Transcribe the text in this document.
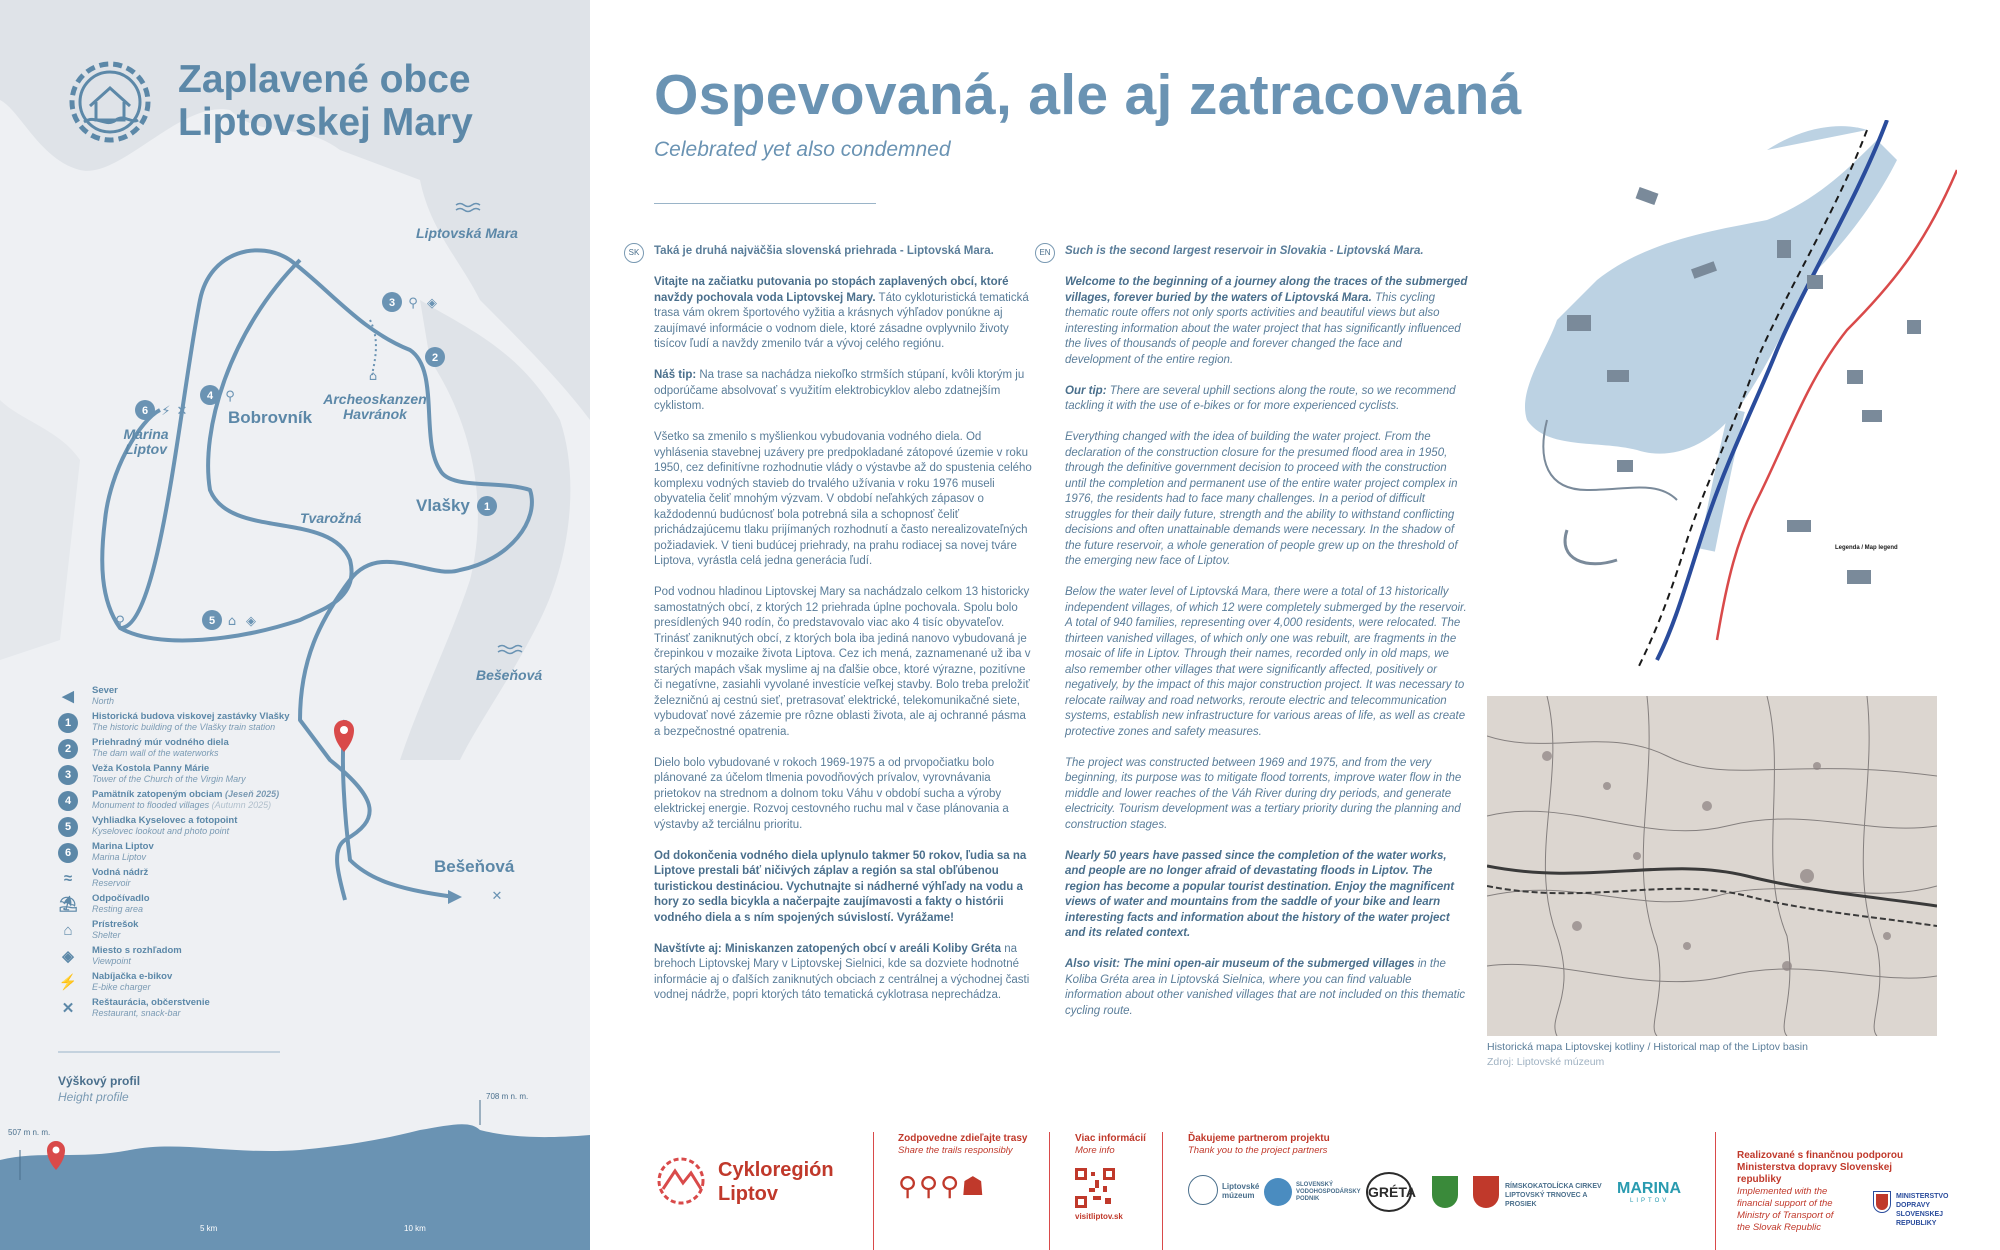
1
2
3
4
5
6
⚲ ◈
⚲
⌂ ◈
⚲
⚡ ✕
⌂
✕
Zaplavené obce
Liptovskej Mary
Liptovská Mara
Bobrovník
Marina Liptov
Archeoskanzen Havránok
Tvarožná
Vlašky
Bešeňová
Bešeňová
◀	Sever
North
1
Historická budova viskovej zastávky Vlašky
The historic building of the Vlašky train station
2
Priehradný múr vodného diela
The dam wall of the waterworks
3
Veža Kostola Panny Márie
Tower of the Church of the Virgin Mary
4
Pamätník zatopeným obciam (Jeseň 2025)
Monument to flooded villages (Autumn 2025)
5
Vyhliadka Kyselovec a fotopoint
Kyselovec lookout and photo point
6
Marina Liptov
Marina Liptov
≈	Vodná nádrž
Reservoir
⛱ Odpočívadlo
Resting area
⌂	Prístrešok
Shelter
◈	Miesto s rozhľadom
Viewpoint
⚡ Nabíjačka e-bikov
E-bike charger
✕	Reštaurácia, občerstvenie
Restaurant, snack-bar
Výškový profil
Height profile
507 m n. m.
708 m n. m.
5 km	10 km
Ospevovaná, ale aj zatracovaná
Celebrated yet also condemned
SK	EN

Taká je druhá najväčšia slovenská priehrada - Liptovská Mara.

Vitajte na začiatku putovania po stopách zaplavených obcí, ktoré navždy pochovala voda Liptovskej Mary. Táto cykloturistická tematická trasa vám okrem športového vyžitia a krásnych výhľadov ponúkne aj zaujímavé informácie o vodnom diele, ktoré zásadne ovplyvnilo životy tisícov ľudí a navždy zmenilo tvár a vývoj celého regiónu.

Náš tip: Na trase sa nachádza niekoľko strmších stúpaní, kvôli ktorým ju odporúčame absolvovať s využitím elektrobicyklov alebo zdatnejším cyklistom.

Všetko sa zmenilo s myšlienkou vybudovania vodného diela. Od vyhlásenia stavebnej uzávery pre predpokladané zátopové územie v roku 1950, cez definitívne rozhodnutie vlády o výstavbe až do spustenia celého komplexu vodných stavieb do trvalého užívania v roku 1976 museli obyvatelia čeliť mnohým výzvam. V období neľahkých zápasov o každodennú budúcnosť bola potrebná sila a schopnosť čeliť prichádzajúcemu tlaku prijímaných rozhodnutí a často nerealizovateľných požiadaviek. V tieni budúcej priehrady, na prahu rodiacej sa novej tváre Liptova, vyrástla celá jedna generácia ľudí.

Pod vodnou hladinou Liptovskej Mary sa nachádzalo celkom 13 historicky samostatných obcí, z ktorých 12 priehrada úplne pochovala. Spolu bolo presídlených 940 rodín, čo predstavovalo viac ako 4 tisíc obyvateľov. Trinásť zaniknutých obcí, z ktorých bola iba jediná nanovo vybudovaná je črepinkou v mozaike života Liptova. Cez ich mená, zaznamenané už iba v starých mapách však myslime aj na ďalšie obce, ktoré výrazne, pozitívne či negatívne, zasiahli vyvolané investície veľkej stavby. Bolo treba preložiť železničnú aj cestnú sieť, pretrasovať elektrické, telekomunikačné siete, vybudovať nové zázemie pre rôzne oblasti života, ale aj ochranné pásma a bezpečnostné opatrenia.

Dielo bolo vybudované v rokoch 1969-1975 a od prvopočiatku bolo plánované za účelom tlmenia povodňových prívalov, vyrovnávania prietokov na strednom a dolnom toku Váhu v období sucha a výroby elektrickej energie. Rozvoj cestovného ruchu mal v čase plánovania a výstavby až terciálnu prioritu.

Od dokončenia vodného diela uplynulo takmer 50 rokov, ľudia sa na Liptove prestali báť ničivých záplav a región sa stal obľúbenou turistickou destináciou. Vychutnajte si nádherné výhľady na vodu a hory zo sedla bicykla a načerpajte zaujímavosti a fakty o histórii vodného diela a s ním spojených súvislostí. Vyrážame!

Navštívte aj: Miniskanzen zatopených obcí v areáli Koliby Grétа na brehoch Liptovskej Mary v Liptovskej Sielnici, kde sa dozviete hodnotné informácie aj o ďalších zaniknutých obciach z centrálnej a východnej časti vodnej nádrže, popri ktorých táto tematická cyklotrasa neprechádza.

Such is the second largest reservoir in Slovakia - Liptovská Mara.

Welcome to the beginning of a journey along the traces of the submerged villages, forever buried by the waters of Liptovská Mara. This cycling thematic route offers not only sports activities and beautiful views but also interesting information about the water project that has significantly influenced the lives of thousands of people and forever changed the face and development of the entire region.

Our tip: There are several uphill sections along the route, so we recommend tackling it with the use of e-bikes or for more experienced cyclists.

Everything changed with the idea of building the water project. From the declaration of the construction closure for the presumed flood area in 1950, through the definitive government decision to proceed with the construction until the completion and permanent use of the entire water project complex in 1976, the residents had to face many challenges. In a period of difficult struggles for their daily future, strength and the ability to withstand conflicting decisions and often unattainable demands were necessary. In the shadow of the future reservoir, a whole generation of people grew up on the threshold of the emerging new face of Liptov.

Below the water level of Liptovská Mara, there were a total of 13 historically independent villages, of which 12 were completely submerged by the reservoir. A total of 940 families, representing over 4,000 residents, were relocated. The thirteen vanished villages, of which only one was rebuilt, are fragments in the mosaic of life in Liptov. Through their names, recorded only in old maps, we also remember other villages that were significantly affected, positively or negatively, by the impact of this major construction project. It was necessary to relocate railway and road networks, reroute electric and telecommunication systems, establish new infrastructure for various areas of life, as well as create protective zones and safety measures.

The project was constructed between 1969 and 1975, and from the very beginning, its purpose was to mitigate flood torrents, improve water flow in the middle and lower reaches of the Váh River during dry periods, and generate electricity. Tourism development was a tertiary priority during the planning and construction stages.

Nearly 50 years have passed since the completion of the water works, and people are no longer afraid of devastating floods in Liptov. The region has become a popular tourist destination. Enjoy the magnificent views of water and mountains from the saddle of your bike and learn interesting facts and information about the history of the water project and its related context.

Also visit: The mini open-air museum of the submerged villages in the Koliba Gréta area in Liptovská Sielnica, where you can find valuable information about other vanished villages that are not included on this thematic cycling route.

Legenda / Map legend
Historická mapa Liptovskej kotliny / Historical map of the Liptov basin
Zdroj: Liptovské múzeum
Cykloregión
Liptov
Zodpovedne zdieľajte trasy
Share the trails responsibly
⚲⚲⚲☗
Viac informácií
More info
visitliptov.sk
Ďakujeme partnerom projektu
Thank you to the project partners
Liptovské múzeum
SLOVENSKÝ VODOHOSPODÁRSKY PODNIK	GRÉTA	RÍMSKOKATOLÍCKA CIRKEV LIPTOVSKÝ TRNOVEC A PROSIEK
MARINA
LIPTOV
Realizované s finančnou podporou Ministerstva dopravy Slovenskej republiky
Implemented with the financial support of the Ministry of Transport of the Slovak Republic
MINISTERSTVO DOPRAVY SLOVENSKEJ REPUBLIKY
